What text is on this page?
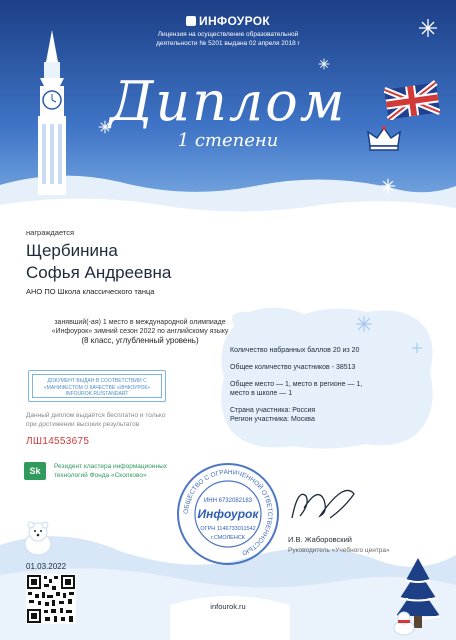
ИНФОУРОК
Лицензия на осуществление образовательной
деятельности № 5201 выдана 02 апреля 2018 г
Диплом
1 степени
награждается
Щербинина
Софья Андреевна
АНО ПО Школа классического танца
занявший(-ая) 1 место в международной олимпиаде
«Инфоурок» зимний сезон 2022 по английскому языку
(8 класс, углубленный уровень)
ДОКУМЕНТ ВЫДАН В СООТВЕТСТВИИ С
«МАНИФЕСТОМ О КАЧЕСТВЕ «ИНФОУРОК»
INFOUROK.RU/STANDART
Данный диплом выдаётся бесплатно и только
при достижении высоких результатов
ЛШ14553675
Sk Резидент кластера информационных
технологий Фонда «Сколково»
Количество набранных баллов 20 из 20
Общее количество участников - 38513
Общее место — 1, место в регионе — 1,
место в школе — 1
Страна участника: Россия
Регион участника: Москва
ОБЩЕСТВО С ОГРАНИЧЕННОЙ ОТВЕТСТВЕННОСТЬЮ
ИНН 6732082183
Инфоурок
ОГРН 1146733011542
г.СМОЛЕНСК	И.В. Жаборовский
Руководитель «Учебного центра»
01.03.2022
infourok.ru
